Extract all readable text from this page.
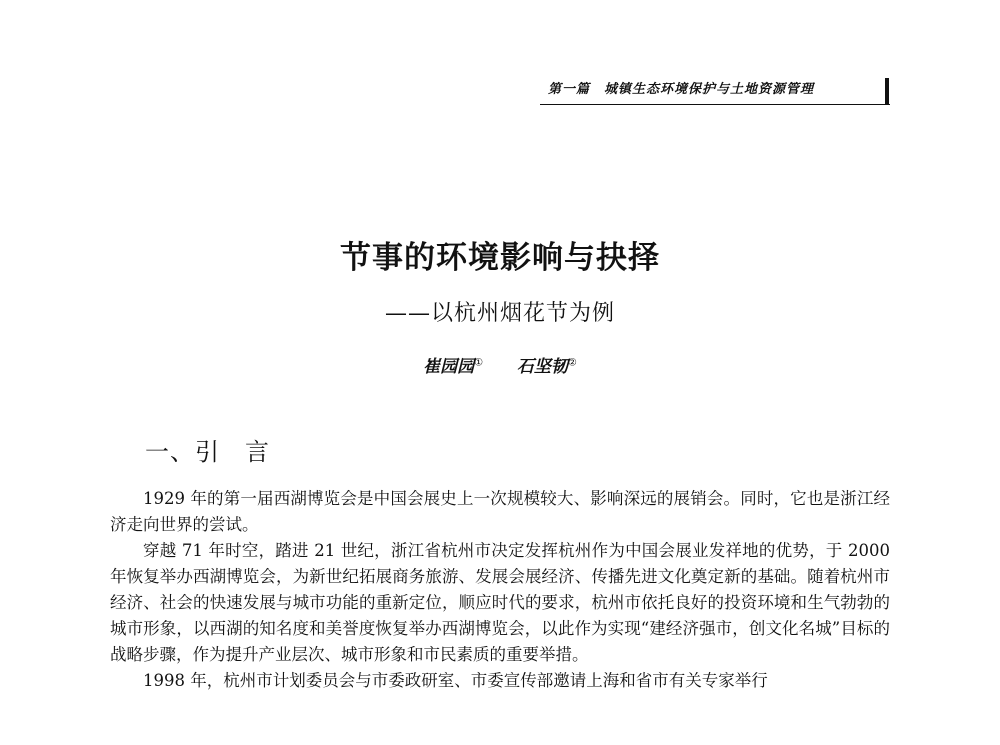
第一篇　城镇生态环境保护与土地资源管理
节事的环境影响与抉择
——以杭州烟花节为例
崔园园① 石坚韧②
一、引　言

1929 年的第一届西湖博览会是中国会展史上一次规模较大、影响深远的展销会。同时，它也是浙江经济走向世界的尝试。

穿越 71 年时空，踏进 21 世纪，浙江省杭州市决定发挥杭州作为中国会展业发祥地的优势，于 2000 年恢复举办西湖博览会，为新世纪拓展商务旅游、发展会展经济、传播先进文化奠定新的基础。随着杭州市经济、社会的快速发展与城市功能的重新定位，顺应时代的要求，杭州市依托良好的投资环境和生气勃勃的城市形象，以西湖的知名度和美誉度恢复举办西湖博览会，以此作为实现“建经济强市，创文化名城”目标的战略步骤，作为提升产业层次、城市形象和市民素质的重要举措。

1998 年，杭州市计划委员会与市委政研室、市委宣传部邀请上海和省市有关专家举行
